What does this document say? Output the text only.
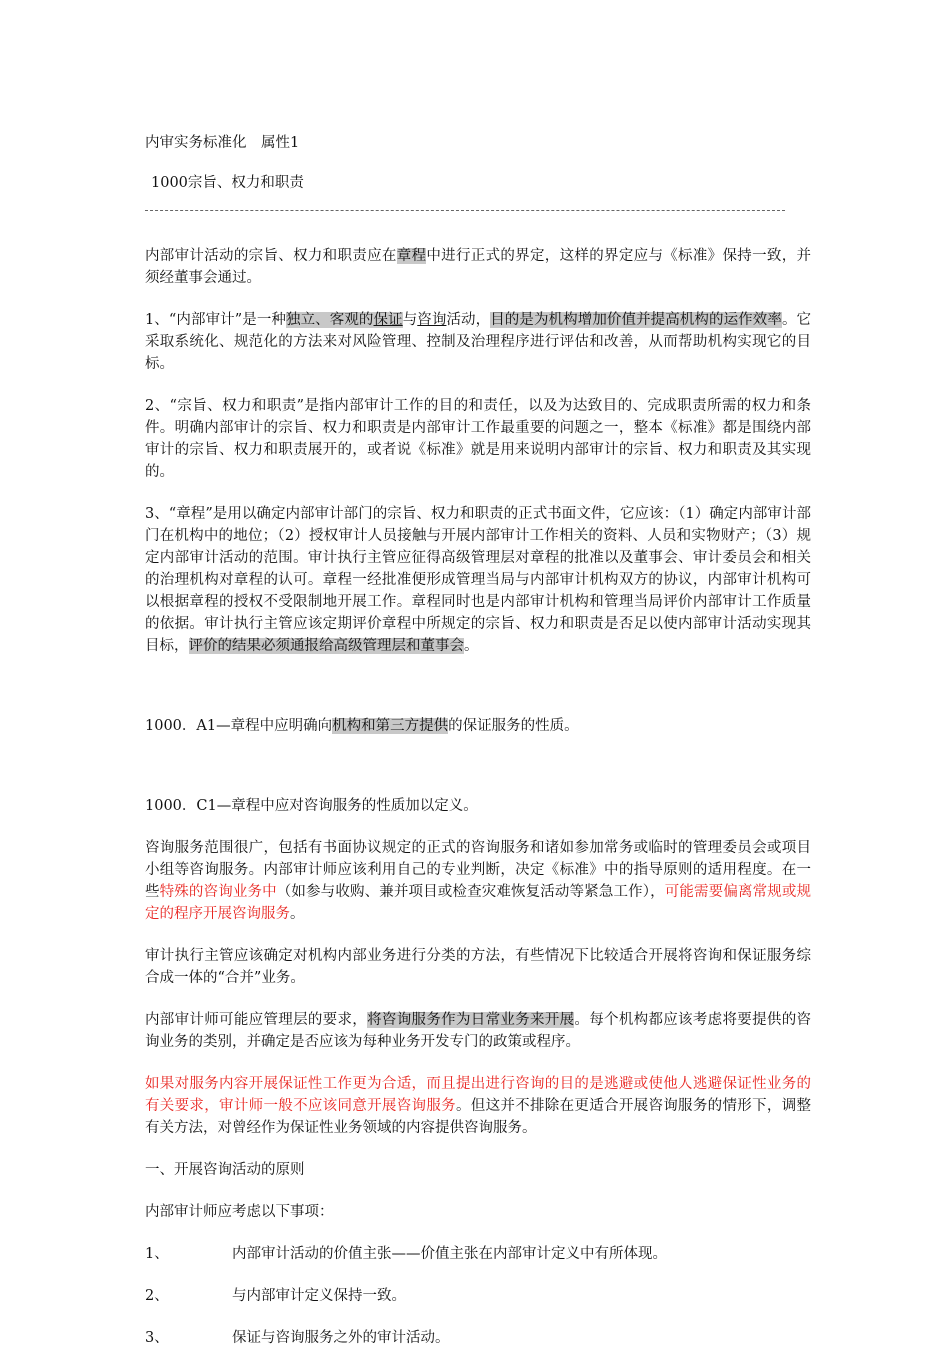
内审实务标准化　属性1
1000宗旨、权力和职责

内部审计活动的宗旨、权力和职责应在章程中进行正式的界定，这样的界定应与《标准》保持一致，并须经董事会通过。

1、“内部审计”是一种独立、客观的保证与咨询活动，目的是为机构增加价值并提高机构的运作效率。它采取系统化、规范化的方法来对风险管理、控制及治理程序进行评估和改善，从而帮助机构实现它的目标。

2、“宗旨、权力和职责”是指内部审计工作的目的和责任，以及为达致目的、完成职责所需的权力和条件。明确内部审计的宗旨、权力和职责是内部审计工作最重要的问题之一，整本《标准》都是围绕内部审计的宗旨、权力和职责展开的，或者说《标准》就是用来说明内部审计的宗旨、权力和职责及其实现的。

3、“章程”是用以确定内部审计部门的宗旨、权力和职责的正式书面文件，它应该：（1）确定内部审计部门在机构中的地位；（2）授权审计人员接触与开展内部审计工作相关的资料、人员和实物财产；（3）规定内部审计活动的范围。审计执行主管应征得高级管理层对章程的批准以及董事会、审计委员会和相关的治理机构对章程的认可。章程一经批准便形成管理当局与内部审计机构双方的协议，内部审计机构可以根据章程的授权不受限制地开展工作。章程同时也是内部审计机构和管理当局评价内部审计工作质量的依据。审计执行主管应该定期评价章程中所规定的宗旨、权力和职责是否足以使内部审计活动实现其目标，评价的结果必须通报给高级管理层和董事会。

1000．A1—章程中应明确向机构和第三方提供的保证服务的性质。

1000．C1—章程中应对咨询服务的性质加以定义。

咨询服务范围很广，包括有书面协议规定的正式的咨询服务和诸如参加常务或临时的管理委员会或项目小组等咨询服务。内部审计师应该利用自己的专业判断，决定《标准》中的指导原则的适用程度。在一些特殊的咨询业务中（如参与收购、兼并项目或检查灾难恢复活动等紧急工作），可能需要偏离常规或规定的程序开展咨询服务。

审计执行主管应该确定对机构内部业务进行分类的方法，有些情况下比较适合开展将咨询和保证服务综合成一体的“合并”业务。

内部审计师可能应管理层的要求，将咨询服务作为日常业务来开展。每个机构都应该考虑将要提供的咨询业务的类别，并确定是否应该为每种业务开发专门的政策或程序。

如果对服务内容开展保证性工作更为合适，而且提出进行咨询的目的是逃避或使他人逃避保证性业务的有关要求，审计师一般不应该同意开展咨询服务。但这并不排除在更适合开展咨询服务的情形下，调整有关方法，对曾经作为保证性业务领域的内容提供咨询服务。

一、开展咨询活动的原则

内部审计师应考虑以下事项：

1、	内部审计活动的价值主张——价值主张在内部审计定义中有所体现。
2、	与内部审计定义保持一致。
3、	保证与咨询服务之外的审计活动。
